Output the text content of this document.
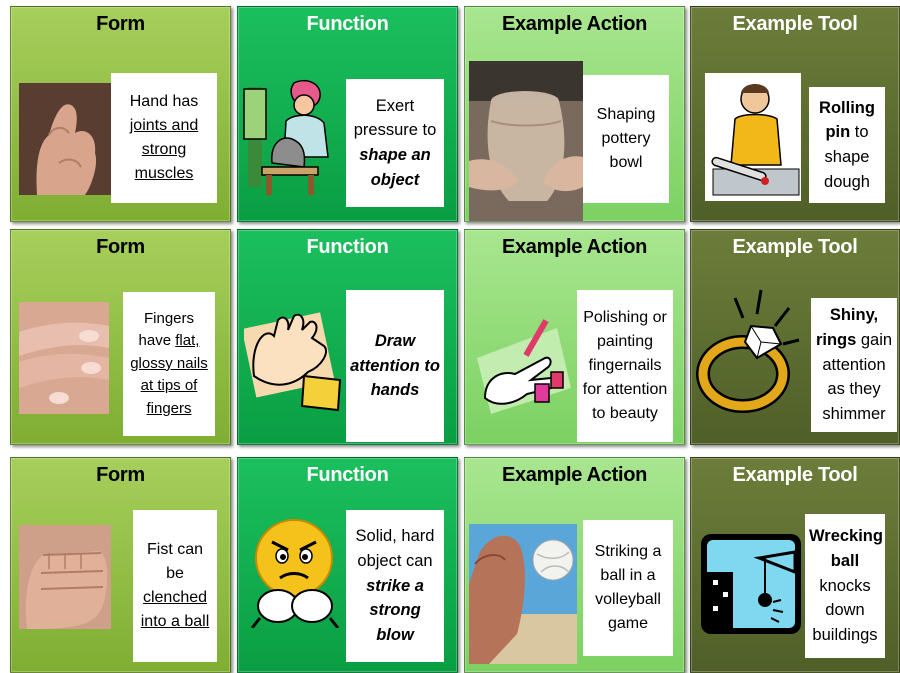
Form
Hand has joints and strong muscles
Function
Exert pressure to shape an object
Example Action
Shaping pottery bowl
Example Tool
Rolling pin to shape dough
Form
Fingers have flat, glossy nails at tips of fingers
Function
Draw attention to hands
Example Action
Polishing or painting fingernails for attention to beauty
Example Tool
Shiny, rings gain attention as they shimmer
Form
Fist can be clenched into a ball
Function
Solid, hard object can strike a strong blow
Example Action
Striking a ball in a volleyball game
Example Tool
Wrecking ball knocks down buildings
